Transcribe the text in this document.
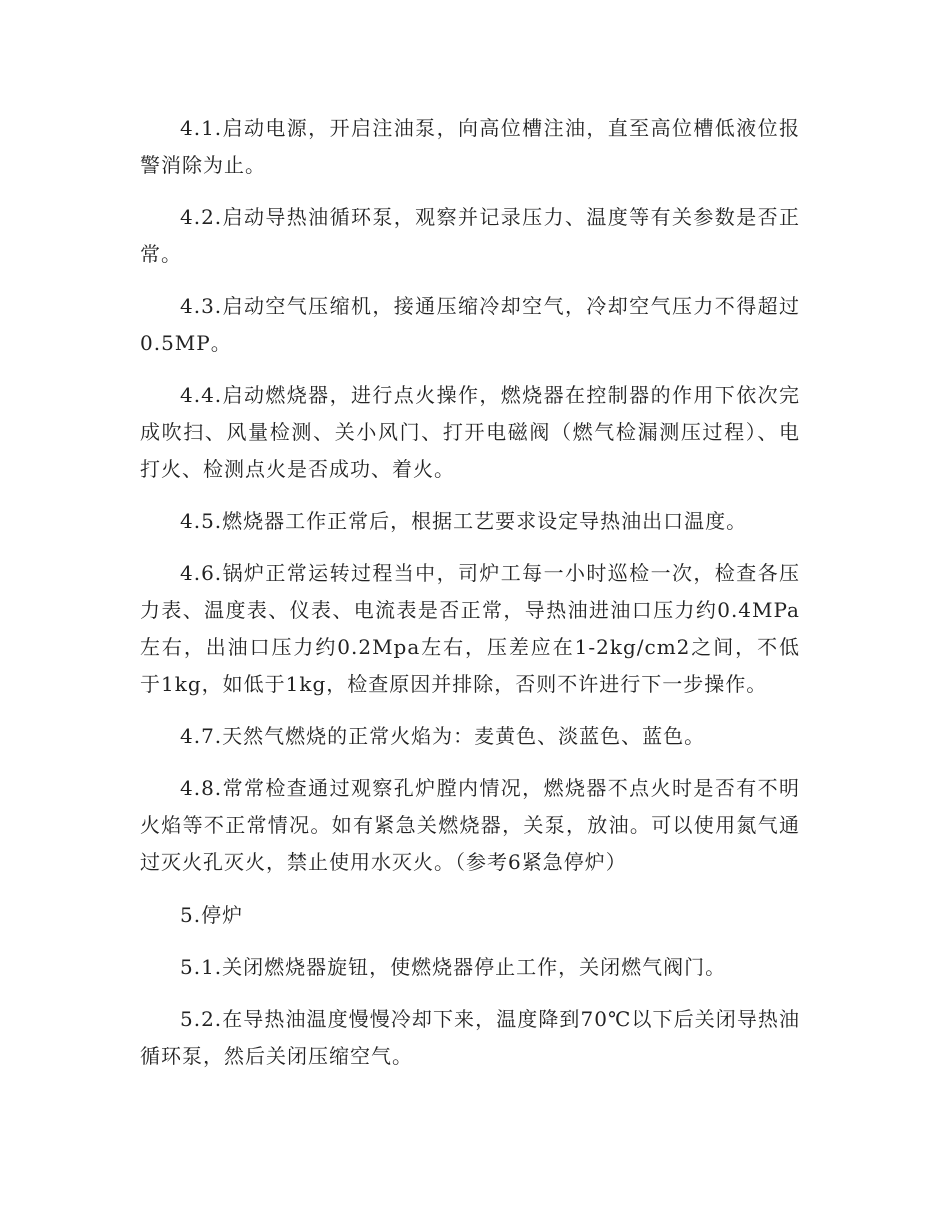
4.1.启动电源，开启注油泵，向高位槽注油，直至高位槽低液位报警消除为止。

4.2.启动导热油循环泵，观察并记录压力、温度等有关参数是否正常。

4.3.启动空气压缩机，接通压缩冷却空气，冷却空气压力不得超过0.5MP。

4.4.启动燃烧器，进行点火操作，燃烧器在控制器的作用下依次完成吹扫、风量检测、关小风门、打开电磁阀（燃气检漏测压过程）、电打火、检测点火是否成功、着火。

4.5.燃烧器工作正常后，根据工艺要求设定导热油出口温度。

4.6.锅炉正常运转过程当中，司炉工每一小时巡检一次，检查各压力表、温度表、仪表、电流表是否正常，导热油进油口压力约0.4MPa左右，出油口压力约0.2Mpa左右，压差应在1-2kg/cm2之间，不低于1kg，如低于1kg，检查原因并排除，否则不许进行下一步操作。

4.7.天然气燃烧的正常火焰为：麦黄色、淡蓝色、蓝色。

4.8.常常检查通过观察孔炉膛内情况，燃烧器不点火时是否有不明火焰等不正常情况。如有紧急关燃烧器，关泵，放油。可以使用氮气通过灭火孔灭火，禁止使用水灭火。（参考6紧急停炉）

5.停炉

5.1.关闭燃烧器旋钮，使燃烧器停止工作，关闭燃气阀门。

5.2.在导热油温度慢慢冷却下来，温度降到70℃以下后关闭导热油循环泵，然后关闭压缩空气。
